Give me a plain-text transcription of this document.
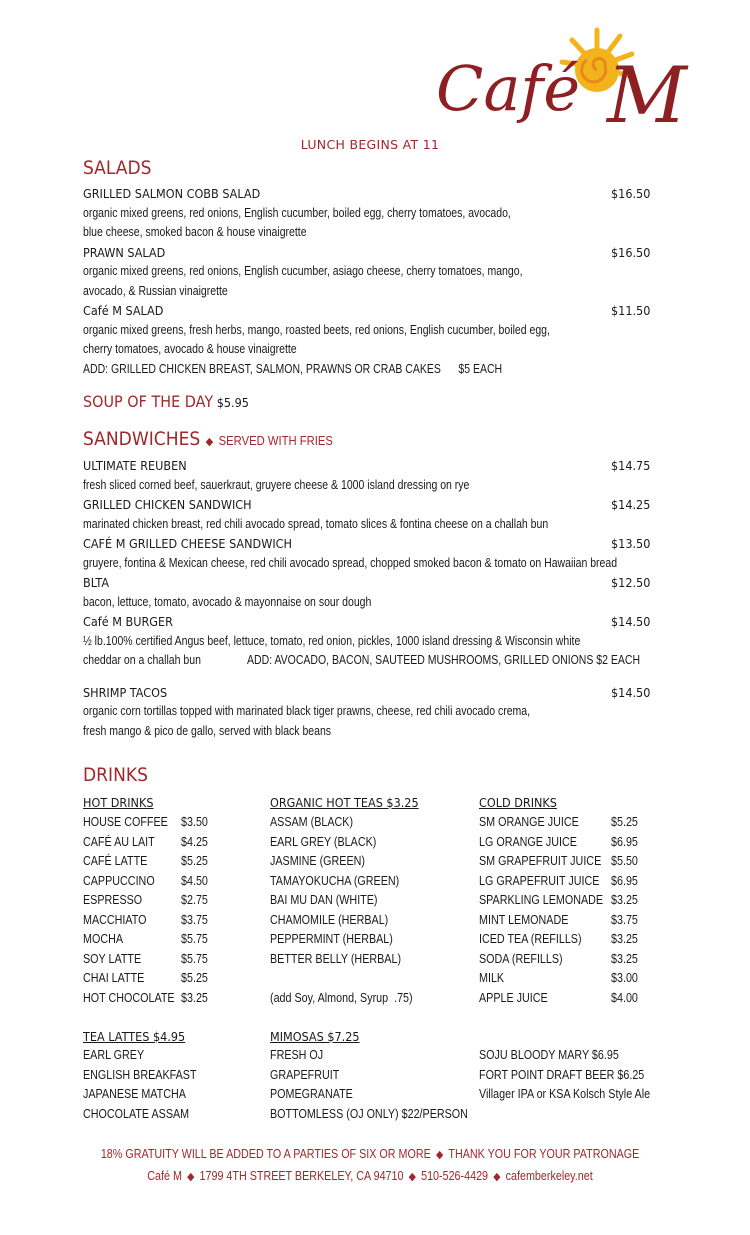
Café M
LUNCH BEGINS AT 11
SALADS
GRILLED SALMON COBB SALAD	$16.50
organic mixed greens, red onions, English cucumber, boiled egg, cherry tomatoes, avocado,
blue cheese, smoked bacon & house vinaigrette
PRAWN SALAD	$16.50
organic mixed greens, red onions, English cucumber, asiago cheese, cherry tomatoes, mango,
avocado, & Russian vinaigrette
Café M SALAD	$11.50
organic mixed greens, fresh herbs, mango, roasted beets, red onions, English cucumber, boiled egg,
cherry tomatoes, avocado & house vinaigrette
ADD: GRILLED CHICKEN BREAST, SALMON, PRAWNS OR CRAB CAKES      $5 EACH
SOUP OF THE DAY $5.95
SANDWICHES ◆ SERVED WITH FRIES
ULTIMATE REUBEN	$14.75
fresh sliced corned beef, sauerkraut, gruyere cheese & 1000 island dressing on rye
GRILLED CHICKEN SANDWICH	$14.25
marinated chicken breast, red chili avocado spread, tomato slices & fontina cheese on a challah bun
CAFÉ M GRILLED CHEESE SANDWICH	$13.50
gruyere, fontina & Mexican cheese, red chili avocado spread, chopped smoked bacon & tomato on Hawaiian bread
BLTA	$12.50
bacon, lettuce, tomato, avocado & mayonnaise on sour dough
Café M BURGER	$14.50
½ lb.100% certified Angus beef, lettuce, tomato, red onion, pickles, 1000 island dressing & Wisconsin white
cheddar on a challah bun                ADD: AVOCADO, BACON, SAUTEED MUSHROOMS, GRILLED ONIONS $2 EACH
SHRIMP TACOS	$14.50
organic corn tortillas topped with marinated black tiger prawns, cheese, red chili avocado crema,
fresh mango & pico de gallo, served with black beans
DRINKS
HOT DRINKS	ORGANIC HOT TEAS $3.25	COLD DRINKS
HOUSE COFFEE $3.50
CAFÉ AU LAIT $4.25
CAFÉ LATTE	$5.25
CAPPUCCINO $4.50
ESPRESSO	$2.75
MACCHIATO	$3.75
MOCHA	$5.75
SOY LATTE	$5.75
CHAI LATTE	$5.25
HOT CHOCOLATE $3.25
ASSAM (BLACK)
EARL GREY (BLACK)
JASMINE (GREEN)
TAMAYOKUCHA (GREEN)
BAI MU DAN (WHITE)
CHAMOMILE (HERBAL)
PEPPERMINT (HERBAL)
BETTER BELLY (HERBAL)
(add Soy, Almond, Syrup  .75)
SM ORANGE JUICE	$5.25
LG ORANGE JUICE	$6.95
SM GRAPEFRUIT JUICE $5.50
LG GRAPEFRUIT JUICE $6.95
SPARKLING LEMONADE $3.25
MINT LEMONADE	$3.75
ICED TEA (REFILLS) $3.25
SODA (REFILLS)	$3.25
MILK	$3.00
APPLE JUICE	$4.00
TEA LATTES $4.95	MIMOSAS $7.25
EARL GREY
ENGLISH BREAKFAST
JAPANESE MATCHA
CHOCOLATE ASSAM
FRESH OJ
GRAPEFRUIT
POMEGRANATE
BOTTOMLESS (OJ ONLY) $22/PERSON
SOJU BLOODY MARY $6.95
FORT POINT DRAFT BEER $6.25
Villager IPA or KSA Kolsch Style Ale
18% GRATUITY WILL BE ADDED TO A PARTIES OF SIX OR MORE ◆ THANK YOU FOR YOUR PATRONAGE
Café M ◆ 1799 4TH STREET BERKELEY, CA 94710 ◆ 510-526-4429 ◆ cafemberkeley.net
